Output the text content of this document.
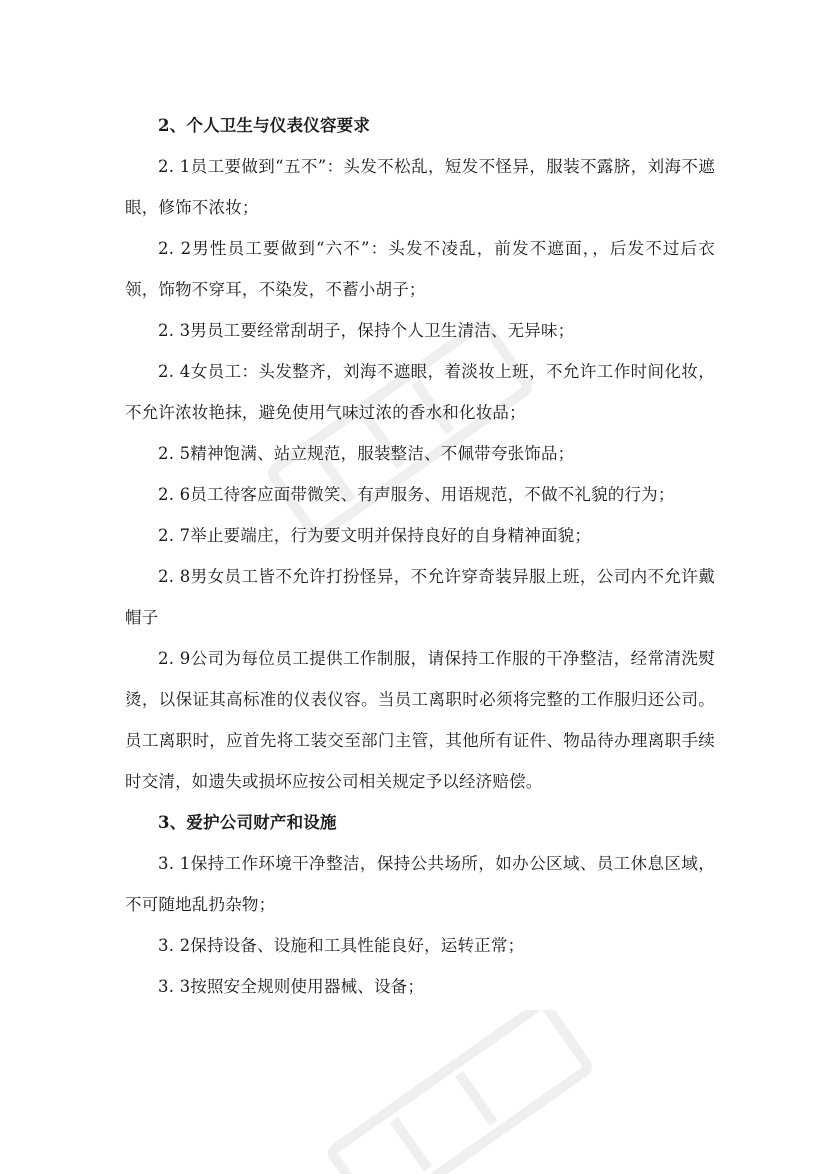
2、个人卫生与仪表仪容要求

2. 1员工要做到“五不”：头发不松乱，短发不怪异，服装不露脐，刘海不遮眼，修饰不浓妆；

2. 2男性员工要做到“六不”：头发不凌乱，前发不遮面，，后发不过后衣领，饰物不穿耳，不染发，不蓄小胡子；

2. 3男员工要经常刮胡子，保持个人卫生清洁、无异味；

2. 4女员工：头发整齐，刘海不遮眼，着淡妆上班，不允许工作时间化妆，不允许浓妆艳抹，避免使用气味过浓的香水和化妆品；

2. 5精神饱满、站立规范，服装整洁、不佩带夸张饰品；

2. 6员工待客应面带微笑、有声服务、用语规范，不做不礼貌的行为；

2. 7举止要端庄，行为要文明并保持良好的自身精神面貌；

2. 8男女员工皆不允许打扮怪异，不允许穿奇装异服上班，公司内不允许戴帽子

2. 9公司为每位员工提供工作制服，请保持工作服的干净整洁，经常清洗熨烫，以保证其高标准的仪表仪容。当员工离职时必须将完整的工作服归还公司。员工离职时，应首先将工装交至部门主管，其他所有证件、物品待办理离职手续时交清，如遗失或损坏应按公司相关规定予以经济赔偿。

3、爱护公司财产和设施

3. 1保持工作环境干净整洁，保持公共场所，如办公区域、员工休息区域，不可随地乱扔杂物；

3. 2保持设备、设施和工具性能良好，运转正常；

3. 3按照安全规则使用器械、设备；
